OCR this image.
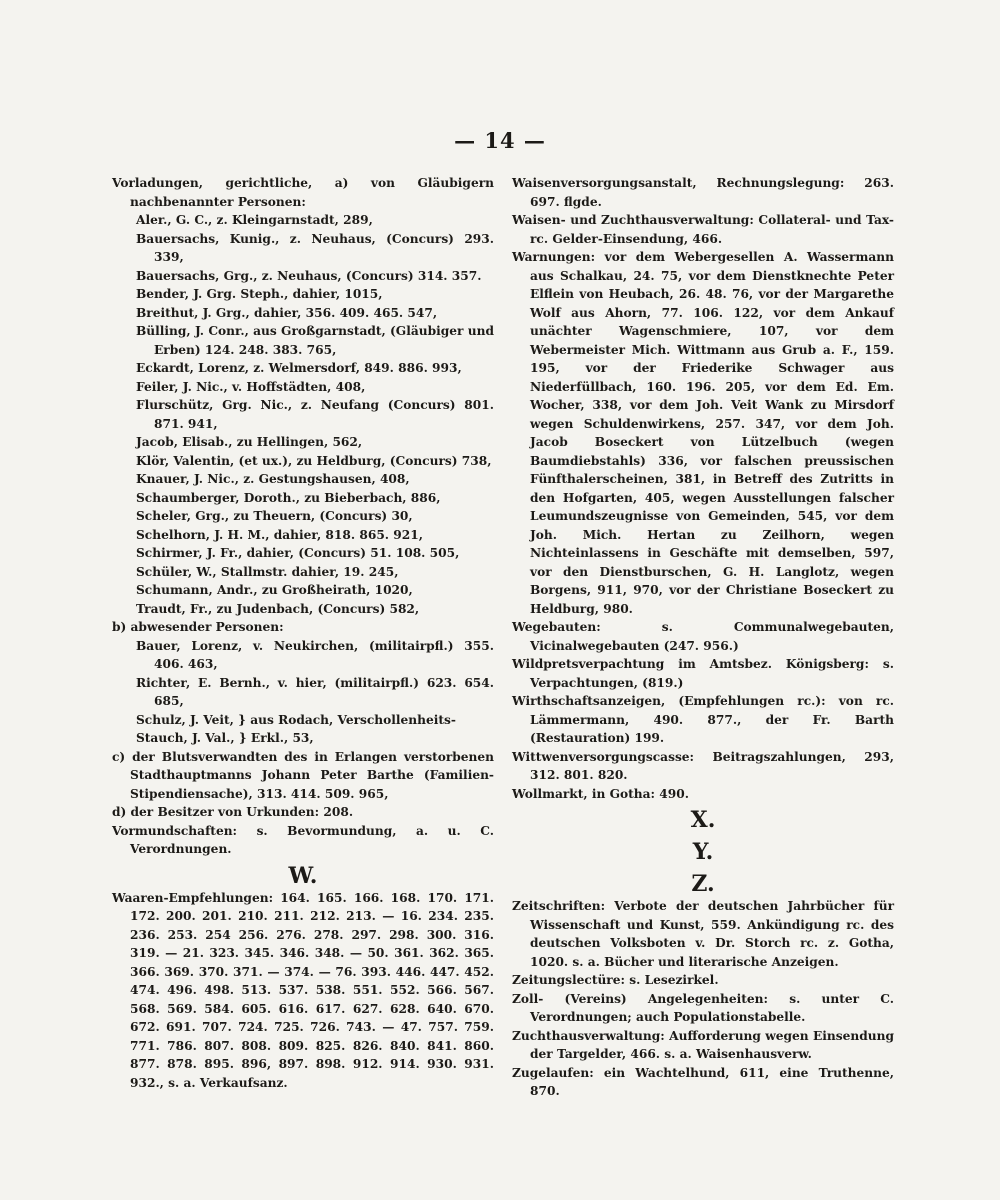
— 14 —

Vorladungen, gerichtliche, a) von Gläubigern nachbenannter Personen:

Aler., G. C., z. Kleingarnstadt, 289,

Bauersachs, Kunig., z. Neuhaus, (Concurs) 293. 339,

Bauersachs, Grg., z. Neuhaus, (Concurs) 314. 357.

Bender, J. Grg. Steph., dahier, 1015,

Breithut, J. Grg., dahier, 356. 409. 465. 547,

Bülling, J. Conr., aus Großgarnstadt, (Gläubiger und Erben) 124. 248. 383. 765,

Eckardt, Lorenz, z. Welmersdorf, 849. 886. 993,

Feiler, J. Nic., v. Hoffstädten, 408,

Flurschütz, Grg. Nic., z. Neufang (Concurs) 801. 871. 941,

Jacob, Elisab., zu Hellingen, 562,

Klör, Valentin, (et ux.), zu Heldburg, (Concurs) 738,

Knauer, J. Nic., z. Gestungshausen, 408,

Schaumberger, Doroth., zu Bieberbach, 886,

Scheler, Grg., zu Theuern, (Concurs) 30,

Schelhorn, J. H. M., dahier, 818. 865. 921,

Schirmer, J. Fr., dahier, (Concurs) 51. 108. 505,

Schüler, W., Stallmstr. dahier, 19. 245,

Schumann, Andr., zu Großheirath, 1020,

Traudt, Fr., zu Judenbach, (Concurs) 582,

b) abwesender Personen:

Bauer, Lorenz, v. Neukirchen, (militairpfl.) 355. 406. 463,

Richter, E. Bernh., v. hier, (militairpfl.) 623. 654. 685,

Schulz, J. Veit, } aus Rodach, Verschollenheits-

Stauch, J. Val., } Erkl., 53,

c) der Blutsverwandten des in Erlangen verstorbenen Stadthauptmanns Johann Peter Barthe (Familien-Stipendiensache), 313. 414. 509. 965,

d) der Besitzer von Urkunden: 208.

Vormundschaften: s. Bevormundung, a. u. C. Verordnungen.

W.

Waaren-Empfehlungen: 164. 165. 166. 168. 170. 171. 172. 200. 201. 210. 211. 212. 213. — 16. 234. 235. 236. 253. 254 256. 276. 278. 297. 298. 300. 316. 319. — 21. 323. 345. 346. 348. — 50. 361. 362. 365. 366. 369. 370. 371. — 374. — 76. 393. 446. 447. 452. 474. 496. 498. 513. 537. 538. 551. 552. 566. 567. 568. 569. 584. 605. 616. 617. 627. 628. 640. 670. 672. 691. 707. 724. 725. 726. 743. — 47. 757. 759. 771. 786. 807. 808. 809. 825. 826. 840. 841. 860. 877. 878. 895. 896, 897. 898. 912. 914. 930. 931. 932., s. a. Verkaufsanz.

Waisenversorgungsanstalt, Rechnungslegung: 263. 697. flgde.

Waisen- und Zuchthausverwaltung: Collateral- und Tax- rc. Gelder-Einsendung, 466.

Warnungen: vor dem Webergesellen A. Wassermann aus Schalkau, 24. 75, vor dem Dienstknechte Peter Elflein von Heubach, 26. 48. 76, vor der Margarethe Wolf aus Ahorn, 77. 106. 122, vor dem Ankauf unächter Wagenschmiere, 107, vor dem Webermeister Mich. Wittmann aus Grub a. F., 159. 195, vor der Friederike Schwager aus Niederfüllbach, 160. 196. 205, vor dem Ed. Em. Wocher, 338, vor dem Joh. Veit Wank zu Mirsdorf wegen Schuldenwirkens, 257. 347, vor dem Joh. Jacob Boseckert von Lützelbuch (wegen Baumdiebstahls) 336, vor falschen preussischen Fünfthalerscheinen, 381, in Betreff des Zutritts in den Hofgarten, 405, wegen Ausstellungen falscher Leumundszeugnisse von Gemeinden, 545, vor dem Joh. Mich. Hertan zu Zeilhorn, wegen Nichteinlassens in Geschäfte mit demselben, 597, vor den Dienstburschen, G. H. Langlotz, wegen Borgens, 911, 970, vor der Christiane Boseckert zu Heldburg, 980.

Wegebauten: s. Communalwegebauten, Vicinalwegebauten (247. 956.)

Wildpretsverpachtung im Amtsbez. Königsberg: s. Verpachtungen, (819.)

Wirthschaftsanzeigen, (Empfehlungen rc.): von rc. Lämmermann, 490. 877., der Fr. Barth (Restauration) 199.

Wittwenversorgungscasse: Beitragszahlungen, 293, 312. 801. 820.

Wollmarkt, in Gotha: 490.

X.

Y.

Z.

Zeitschriften: Verbote der deutschen Jahrbücher für Wissenschaft und Kunst, 559. Ankündigung rc. des deutschen Volksboten v. Dr. Storch rc. z. Gotha, 1020. s. a. Bücher und literarische Anzeigen.

Zeitungslectüre: s. Lesezirkel.

Zoll- (Vereins) Angelegenheiten: s. unter C. Verordnungen; auch Populationstabelle.

Zuchthausverwaltung: Aufforderung wegen Einsendung der Targelder, 466. s. a. Waisenhausverw.

Zugelaufen: ein Wachtelhund, 611, eine Truthenne, 870.
